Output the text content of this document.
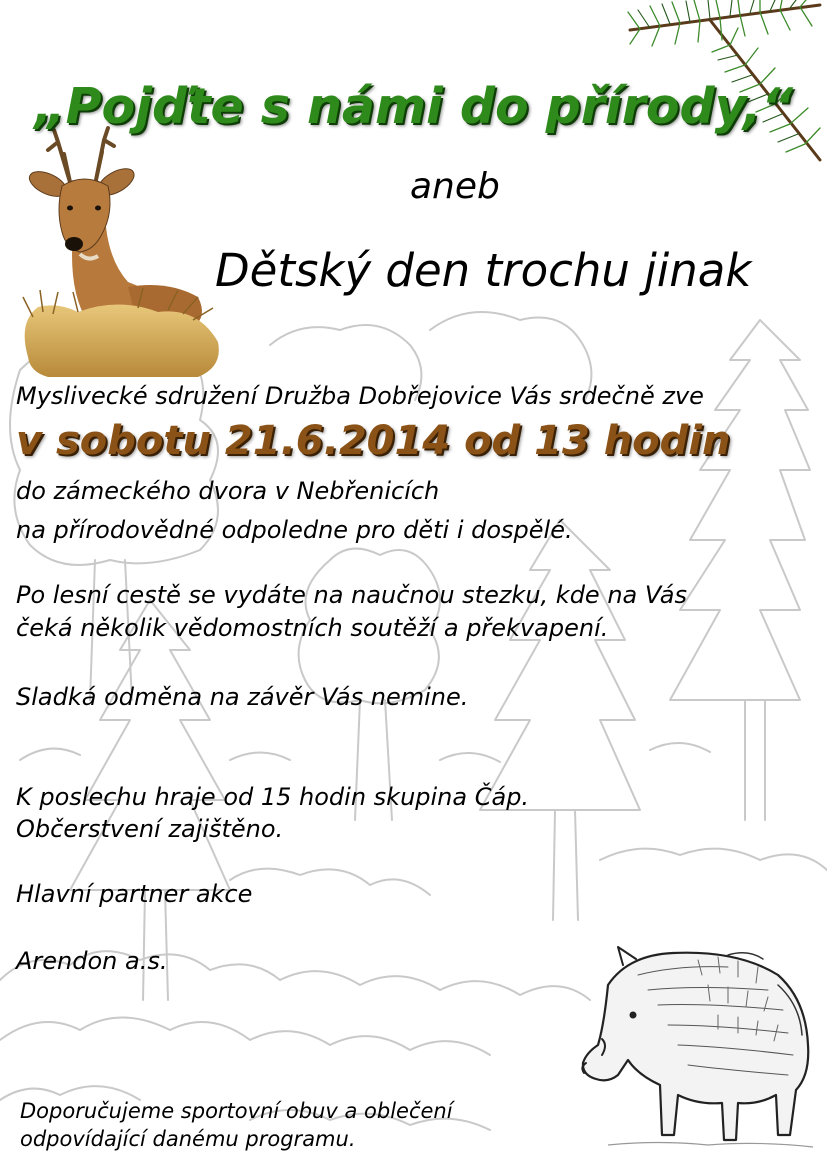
„Pojďte s námi do přírody,“
aneb
Dětský den trochu jinak
Myslivecké sdružení Družba Dobřejovice Vás srdečně zve
v sobotu 21.6.2014 od 13 hodin
do zámeckého dvora v Nebřenicích
na přírodovědné odpoledne pro děti i dospělé.
Po lesní cestě se vydáte na naučnou stezku, kde na Vás
čeká několik vědomostních soutěží a překvapení.
Sladká odměna na závěr Vás nemine.
K poslechu hraje od 15 hodin skupina Čáp.
Občerstvení zajištěno.
Hlavní partner akce
Arendon a.s.
Doporučujeme sportovní obuv a oblečení
odpovídající danému programu.
